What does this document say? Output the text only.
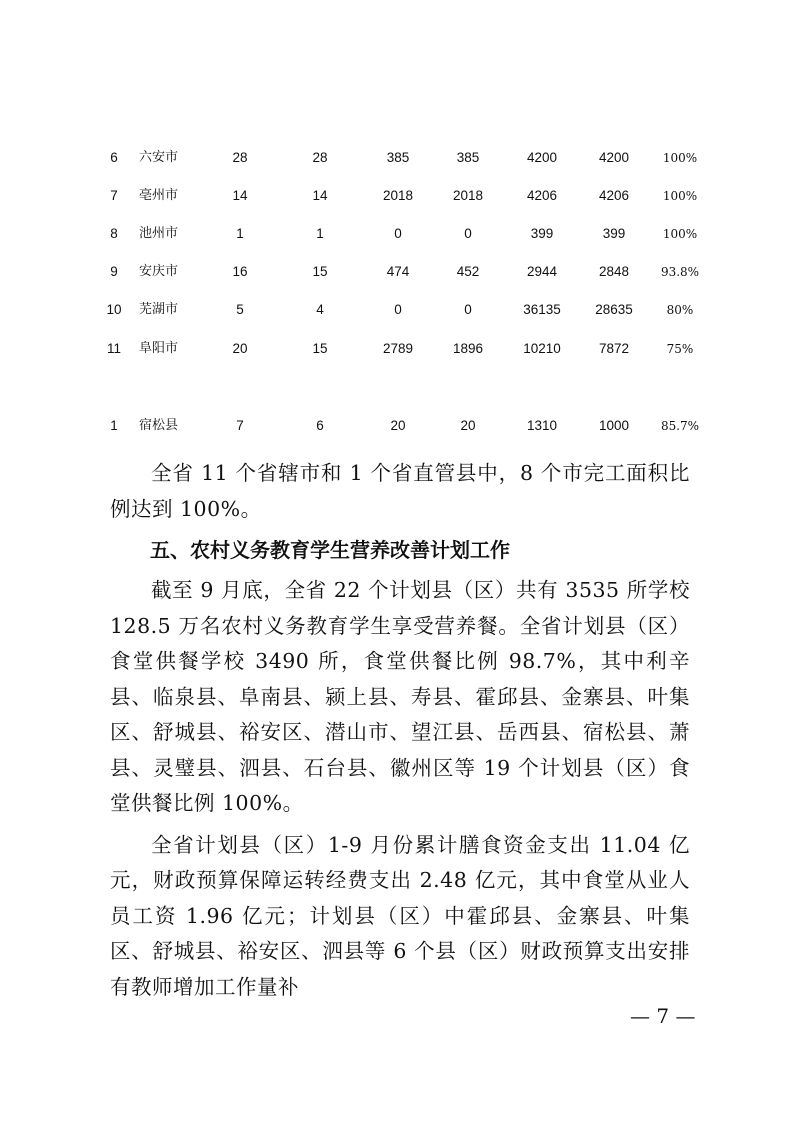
6	六安市	28	28	385	385	4200	4200	100%
7	亳州市	14	14	2018	2018	4206	4206	100%
8	池州市	1	1	0	0	399	399	100%
9	安庆市	16	15	474	452	2944	2848	93.8%
10	芜湖市	5	4	0	0	36135	28635	80%
11	阜阳市	20	15	2789	1896	10210	7872	75%
1	宿松县	7	6	20	20	1310	1000	85.7%

全省 11 个省辖市和 1 个省直管县中，8 个市完工面积比例达到 100%。

五、农村义务教育学生营养改善计划工作

截至 9 月底，全省 22 个计划县（区）共有 3535 所学校 128.5 万名农村义务教育学生享受营养餐。全省计划县（区）食堂供餐学校 3490 所，食堂供餐比例 98.7%，其中利辛县、临泉县、阜南县、颍上县、寿县、霍邱县、金寨县、叶集区、舒城县、裕安区、潜山市、望江县、岳西县、宿松县、萧县、灵璧县、泗县、石台县、徽州区等 19 个计划县（区）食堂供餐比例 100%。

全省计划县（区）1-9 月份累计膳食资金支出 11.04 亿元，财政预算保障运转经费支出 2.48 亿元，其中食堂从业人员工资 1.96 亿元；计划县（区）中霍邱县、金寨县、叶集区、舒城县、裕安区、泗县等 6 个县（区）财政预算支出安排有教师增加工作量补

— 7 —
